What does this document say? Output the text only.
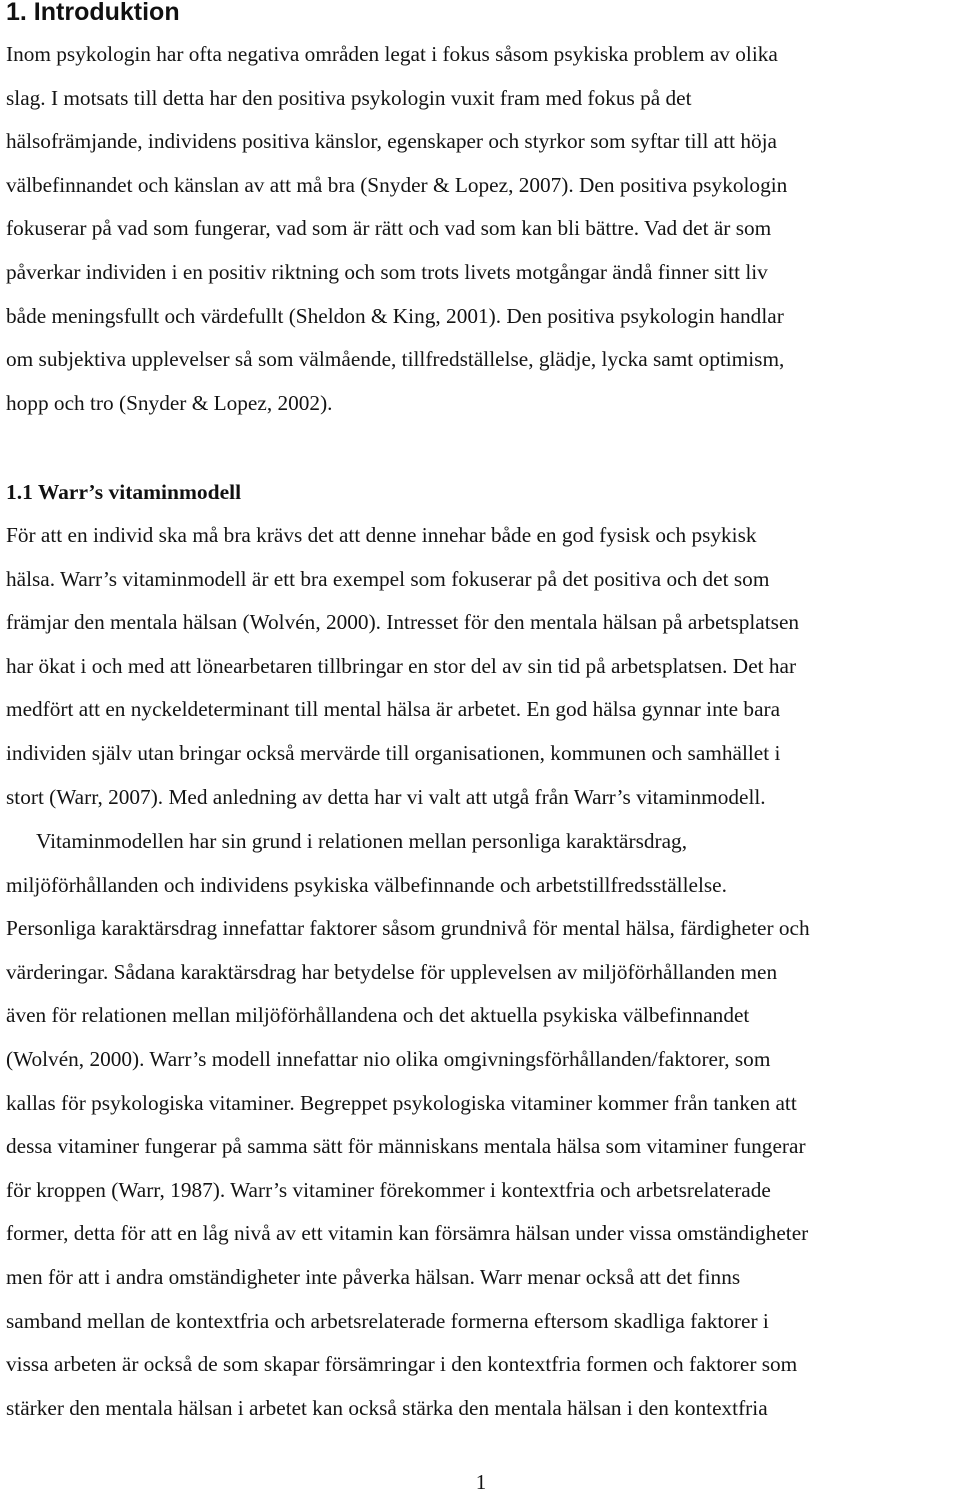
1. Introduktion
Inom psykologin har ofta negativa områden legat i fokus såsom psykiska problem av olika
slag. I motsats till detta har den positiva psykologin vuxit fram med fokus på det
hälsofrämjande, individens positiva känslor, egenskaper och styrkor som syftar till att höja
välbefinnandet och känslan av att må bra (Snyder & Lopez, 2007). Den positiva psykologin
fokuserar på vad som fungerar, vad som är rätt och vad som kan bli bättre. Vad det är som
påverkar individen i en positiv riktning och som trots livets motgångar ändå finner sitt liv
både meningsfullt och värdefullt (Sheldon & King, 2001). Den positiva psykologin handlar
om subjektiva upplevelser så som välmående, tillfredställelse, glädje, lycka samt optimism,
hopp och tro (Snyder & Lopez, 2002).
1.1 Warr’s vitaminmodell
För att en individ ska må bra krävs det att denne innehar både en god fysisk och psykisk
hälsa. Warr’s vitaminmodell är ett bra exempel som fokuserar på det positiva och det som
främjar den mentala hälsan (Wolvén, 2000). Intresset för den mentala hälsan på arbetsplatsen
har ökat i och med att lönearbetaren tillbringar en stor del av sin tid på arbetsplatsen. Det har
medfört att en nyckeldeterminant till mental hälsa är arbetet. En god hälsa gynnar inte bara
individen själv utan bringar också mervärde till organisationen, kommunen och samhället i
stort (Warr, 2007). Med anledning av detta har vi valt att utgå från Warr’s vitaminmodell.
Vitaminmodellen har sin grund i relationen mellan personliga karaktärsdrag,
miljöförhållanden och individens psykiska välbefinnande och arbetstillfredsställelse.
Personliga karaktärsdrag innefattar faktorer såsom grundnivå för mental hälsa, färdigheter och
värderingar. Sådana karaktärsdrag har betydelse för upplevelsen av miljöförhållanden men
även för relationen mellan miljöförhållandena och det aktuella psykiska välbefinnandet
(Wolvén, 2000). Warr’s modell innefattar nio olika omgivningsförhållanden/faktorer, som
kallas för psykologiska vitaminer. Begreppet psykologiska vitaminer kommer från tanken att
dessa vitaminer fungerar på samma sätt för människans mentala hälsa som vitaminer fungerar
för kroppen (Warr, 1987). Warr’s vitaminer förekommer i kontextfria och arbetsrelaterade
former, detta för att en låg nivå av ett vitamin kan försämra hälsan under vissa omständigheter
men för att i andra omständigheter inte påverka hälsan. Warr menar också att det finns
samband mellan de kontextfria och arbetsrelaterade formerna eftersom skadliga faktorer i
vissa arbeten är också de som skapar försämringar i den kontextfria formen och faktorer som
stärker den mentala hälsan i arbetet kan också stärka den mentala hälsan i den kontextfria
1
